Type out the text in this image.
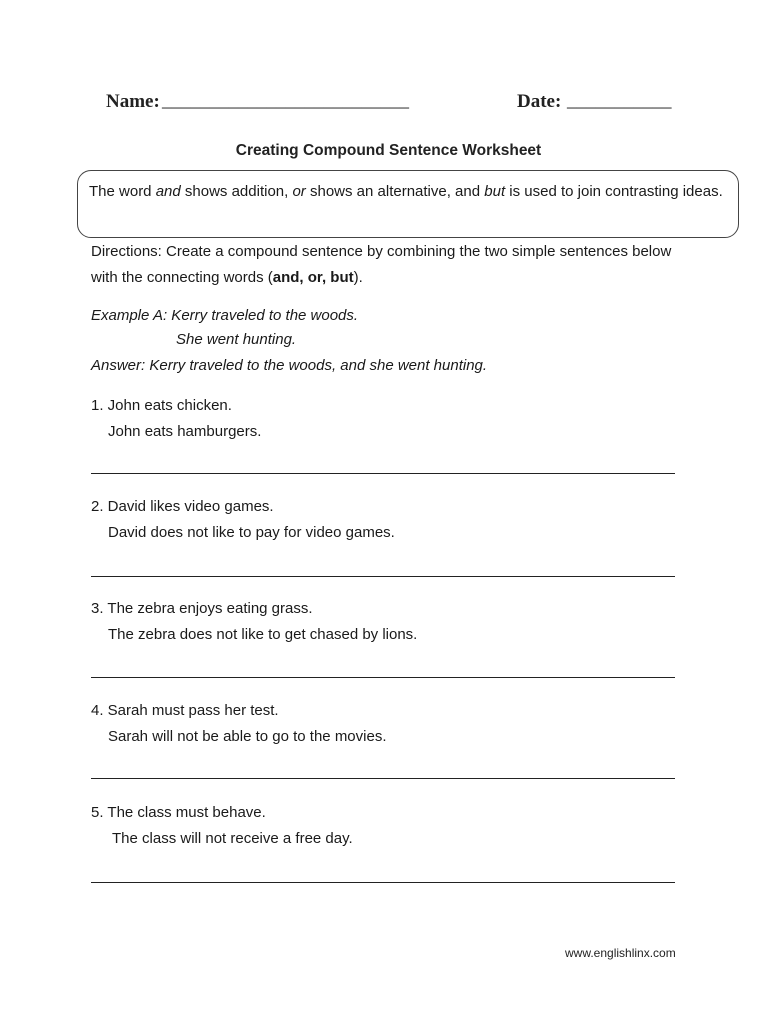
Name: __________________________	Date: ___________
Creating Compound Sentence Worksheet
The word and shows addition, or shows an alternative, and but is used to join contrasting ideas.
Directions: Create a compound sentence by combining the two simple sentences below with the connecting words (and, or, but).
Example A: Kerry traveled to the woods.
She went hunting.
Answer: Kerry traveled to the woods, and she went hunting.
1. John eats chicken.
John eats hamburgers.
2. David likes video games.
David does not like to pay for video games.
3. The zebra enjoys eating grass.
The zebra does not like to get chased by lions.
4. Sarah must pass her test.
Sarah will not be able to go to the movies.
5. The class must behave.
The class will not receive a free day.
www.englishlinx.com
